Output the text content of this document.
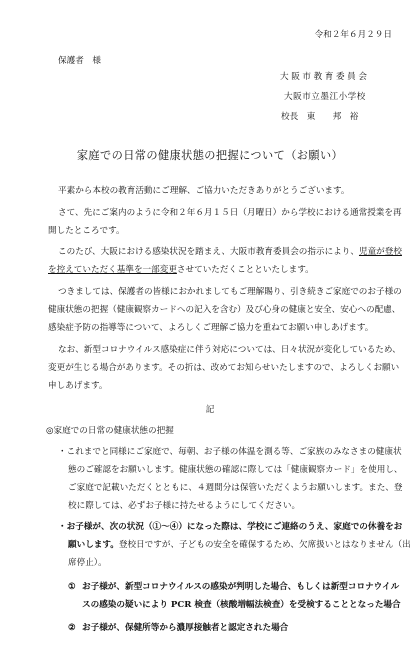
令和２年６月２９日
保護者　様
大阪市教育委員会
大阪市立墨江小学校
校長　東　　邦　裕
家庭での日常の健康状態の把握について（お願い）
平素から本校の教育活動にご理解、ご協力いただきありがとうございます。
さて、先にご案内のように令和２年６月１５日（月曜日）から学校における通常授業を再
開したところです。
このたび、大阪における感染状況を踏まえ、大阪市教育委員会の指示により、児童が登校
を控えていただく基準を一部変更させていただくことといたします。
つきましては、保護者の皆様におかれましてもご理解賜り、引き続きご家庭でのお子様の
健康状態の把握（健康観察カードへの記入を含む）及び心身の健康と安全、安心への配慮、
感染症予防の指導等について、よろしくご理解ご協力を重ねてお願い申しあげます。
なお、新型コロナウイルス感染症に伴う対応については、日々状況が変化しているため、
変更が生じる場合があります。その折は、改めてお知らせいたしますので、よろしくお願い
申しあげます。
記
◎家庭での日常の健康状態の把握
・これまでと同様にご家庭で、毎朝、お子様の体温を測る等、ご家族のみなさまの健康状
態のご確認をお願いします。健康状態の確認に際しては「健康観察カード」を使用し、
ご家庭で記載いただくとともに、４週間分は保管いただくようお願いします。また、登
校に際しては、必ずお子様に持たせるようにしてください。
・お子様が、次の状況（①～④）になった際は、学校にご連絡のうえ、家庭での休養をお
願いします。登校日ですが、子どもの安全を確保するため、欠席扱いとはなりません（出
席停止）。
① お子様が、新型コロナウイルスの感染が判明した場合、もしくは新型コロナウイル
スの感染の疑いにより PCR 検査（核酸増幅法検査）を受検することとなった場合
② お子様が、保健所等から濃厚接触者と認定された場合
